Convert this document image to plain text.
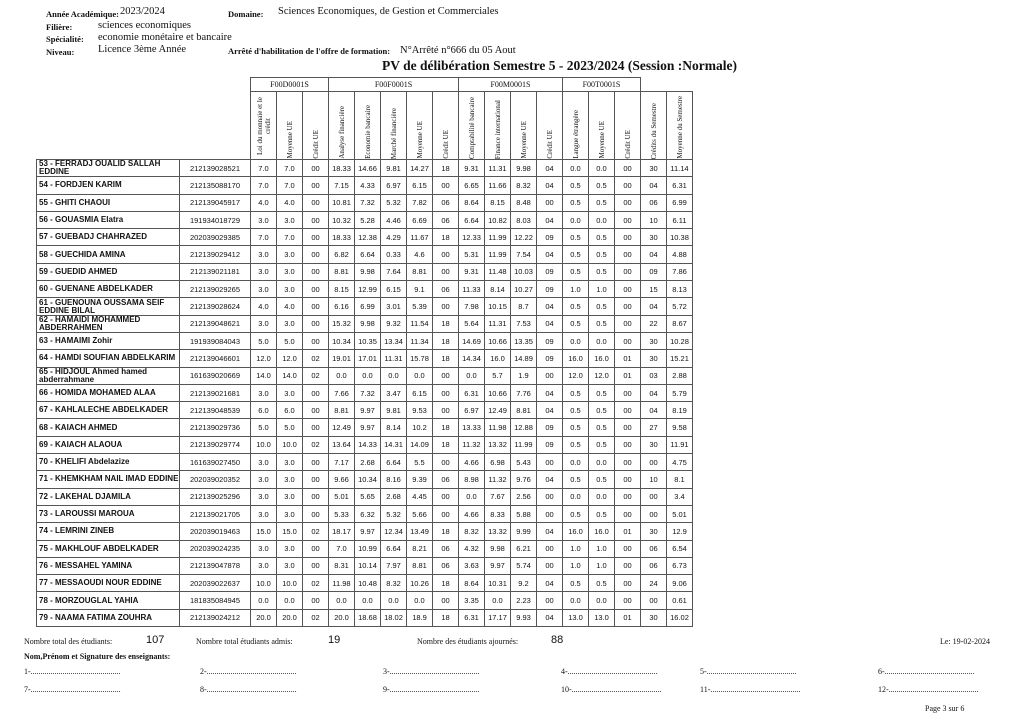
Année Académique: 2023/2024	Domaine: Sciences Economiques, de Gestion et Commerciales
Filière: sciences economiques
Spécialité: economie monétaire et bancaire
Niveau: Licence 3ème Année	Arrêté d'habilitation de l'offre de formation: N°Arrêté n°666 du 05 Aout
PV de délibération Semestre 5 - 2023/2024 (Session :Normale)
		F00D0001S			F00F0001S					F00M0001S				F00T0001S				

		Loi du monnaie et le crédit	Moyenne UE	Crédit UE	Analyse financière	Economie bancaire	Marché financière	Moyenne UE	Crédit UE	Comptabilité bancaire	Finance international	Moyenne UE	Crédit UE	Langue étrangère	Moyenne UE	Crédit UE	Crédits du Semestre	Moyenne du Semestre

53 - FERRADJ OUALID SALLAH EDDINE	212139028521	7.0	7.0	00	18.33	14.66	9.81	14.27	18	9.31	11.31	9.98	04	0.0	0.0	00	30	11.14
54 - FORDJEN KARIM	212135088170	7.0	7.0	00	7.15	4.33	6.97	6.15	00	6.65	11.66	8.32	04	0.5	0.5	00	04	6.31
55 - GHITI CHAOUI	212139045917	4.0	4.0	00	10.81	7.32	5.32	7.82	06	8.64	8.15	8.48	00	0.5	0.5	00	06	6.99
56 - GOUASMIA Elatra	191934018729	3.0	3.0	00	10.32	5.28	4.46	6.69	06	6.64	10.82	8.03	04	0.0	0.0	00	10	6.11
57 - GUEBADJ CHAHRAZED	202039029385	7.0	7.0	00	18.33	12.38	4.29	11.67	18	12.33	11.99	12.22	09	0.5	0.5	00	30	10.38
58 - GUECHIDA AMINA	212139029412	3.0	3.0	00	6.82	6.64	0.33	4.6	00	5.31	11.99	7.54	04	0.5	0.5	00	04	4.88
59 - GUEDID AHMED	212139021181	3.0	3.0	00	8.81	9.98	7.64	8.81	00	9.31	11.48	10.03	09	0.5	0.5	00	09	7.86
60 - GUENANE ABDELKADER	212139029265	3.0	3.0	00	8.15	12.99	6.15	9.1	06	11.33	8.14	10.27	09	1.0	1.0	00	15	8.13
61 - GUENOUNA OUSSAMA SEIF EDDINE BILAL	212139028624	4.0	4.0	00	6.16	6.99	3.01	5.39	00	7.98	10.15	8.7	04	0.5	0.5	00	04	5.72
62 - HAMAIDI MOHAMMED ABDERRAHMEN	212139048621	3.0	3.0	00	15.32	9.98	9.32	11.54	18	5.64	11.31	7.53	04	0.5	0.5	00	22	8.67
63 - HAMAIMI Zohir	191939084043	5.0	5.0	00	10.34	10.35	13.34	11.34	18	14.69	10.66	13.35	09	0.0	0.0	00	30	10.28
64 - HAMDI SOUFIAN ABDELKARIM	212139046601	12.0	12.0	02	19.01	17.01	11.31	15.78	18	14.34	16.0	14.89	09	16.0	16.0	01	30	15.21
65 - HIDJOUL Ahmed hamed abderrahmane	161639020669	14.0	14.0	02	0.0	0.0	0.0	0.0	00	0.0	5.7	1.9	00	12.0	12.0	01	03	2.88
66 - HOMIDA MOHAMED ALAA	212139021681	3.0	3.0	00	7.66	7.32	3.47	6.15	00	6.31	10.66	7.76	04	0.5	0.5	00	04	5.79
67 - KAHLALECHE ABDELKADER	212139048539	6.0	6.0	00	8.81	9.97	9.81	9.53	00	6.97	12.49	8.81	04	0.5	0.5	00	04	8.19
68 - KAIACH AHMED	212139029736	5.0	5.0	00	12.49	9.97	8.14	10.2	18	13.33	11.98	12.88	09	0.5	0.5	00	27	9.58
69 - KAIACH ALAOUA	212139029774	10.0	10.0	02	13.64	14.33	14.31	14.09	18	11.32	13.32	11.99	09	0.5	0.5	00	30	11.91
70 - KHELIFI Abdelazize	161639027450	3.0	3.0	00	7.17	2.68	6.64	5.5	00	4.66	6.98	5.43	00	0.0	0.0	00	00	4.75
71 - KHEMKHAM NAIL IMAD EDDINE	202039020352	3.0	3.0	00	9.66	10.34	8.16	9.39	06	8.98	11.32	9.76	04	0.5	0.5	00	10	8.1
72 - LAKEHAL DJAMILA	212139025296	3.0	3.0	00	5.01	5.65	2.68	4.45	00	0.0	7.67	2.56	00	0.0	0.0	00	00	3.4
73 - LAROUSSI MAROUA	212139021705	3.0	3.0	00	5.33	6.32	5.32	5.66	00	4.66	8.33	5.88	00	0.5	0.5	00	00	5.01
74 - LEMRINI ZINEB	202039019463	15.0	15.0	02	18.17	9.97	12.34	13.49	18	8.32	13.32	9.99	04	16.0	16.0	01	30	12.9
75 - MAKHLOUF ABDELKADER	202039024235	3.0	3.0	00	7.0	10.99	6.64	8.21	06	4.32	9.98	6.21	00	1.0	1.0	00	06	6.54
76 - MESSAHEL YAMINA	212139047878	3.0	3.0	00	8.31	10.14	7.97	8.81	06	3.63	9.97	5.74	00	1.0	1.0	00	06	6.73
77 - MESSAOUDI NOUR EDDINE	202039022637	10.0	10.0	02	11.98	10.48	8.32	10.26	18	8.64	10.31	9.2	04	0.5	0.5	00	24	9.06
78 - MORZOUGLAL YAHIA	181835084945	0.0	0.0	00	0.0	0.0	0.0	0.0	00	3.35	0.0	2.23	00	0.0	0.0	00	00	0.61
79 - NAAMA FATIMA ZOUHRA	212139024212	20.0	20.0	02	20.0	18.68	18.02	18.9	18	6.31	17.17	9.93	04	13.0	13.0	01	30	16.02
Nombre total des étudiants:	107	Nombre total étudiants admis:	19	Nombre des étudiants ajournés:	88	Le: 19-02-2024
Nom,Prénom et Signature des enseignants:
1-.............................................	2-.............................................	3-.............................................	4-.............................................	5-.............................................	6-.............................................
7-.............................................	8-.............................................	9-.............................................	10-.............................................	11-.............................................	12-.............................................
Page 3 sur 6
